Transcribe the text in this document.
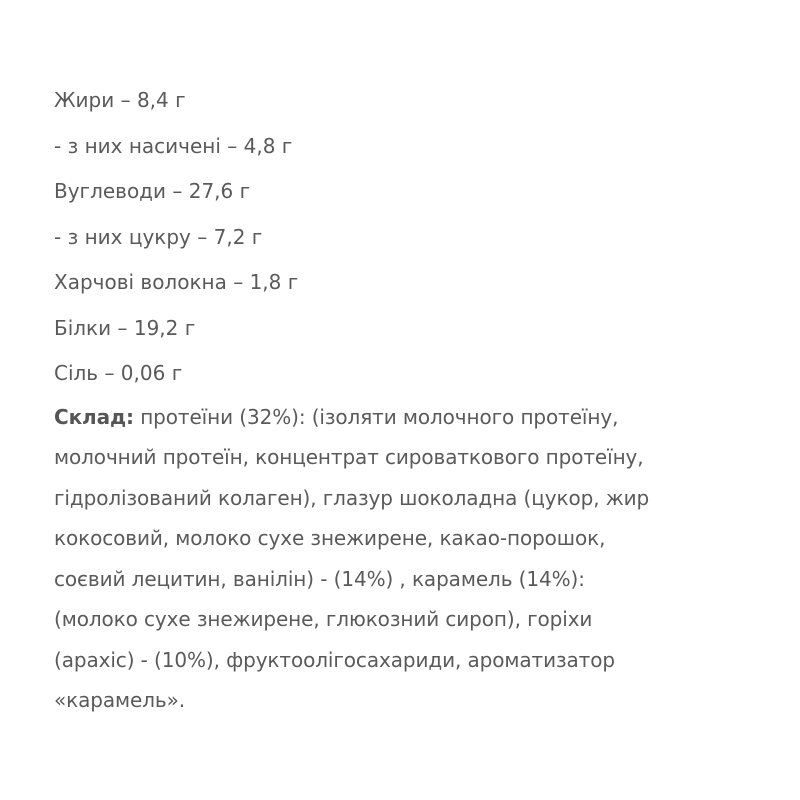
Жири – 8,4 г

- з них насичені – 4,8 г

Вуглеводи – 27,6 г

- з них цукру – 7,2 г

Харчові волокна – 1,8 г

Білки – 19,2 г

Сіль – 0,06 г

Склад: протеїни (32%): (ізоляти молочного протеїну,
молочний протеїн, концентрат сироваткового протеїну,
гідролізований колаген), глазур шоколадна (цукор, жир
кокосовий, молоко сухе знежирене, какао-порошок,
соєвий лецитин, ванілін) - (14%) , карамель (14%):
(молоко сухе знежирене, глюкозний сироп), горіхи
(арахіс) - (10%), фруктоолігосахариди, ароматизатор
«карамель».
